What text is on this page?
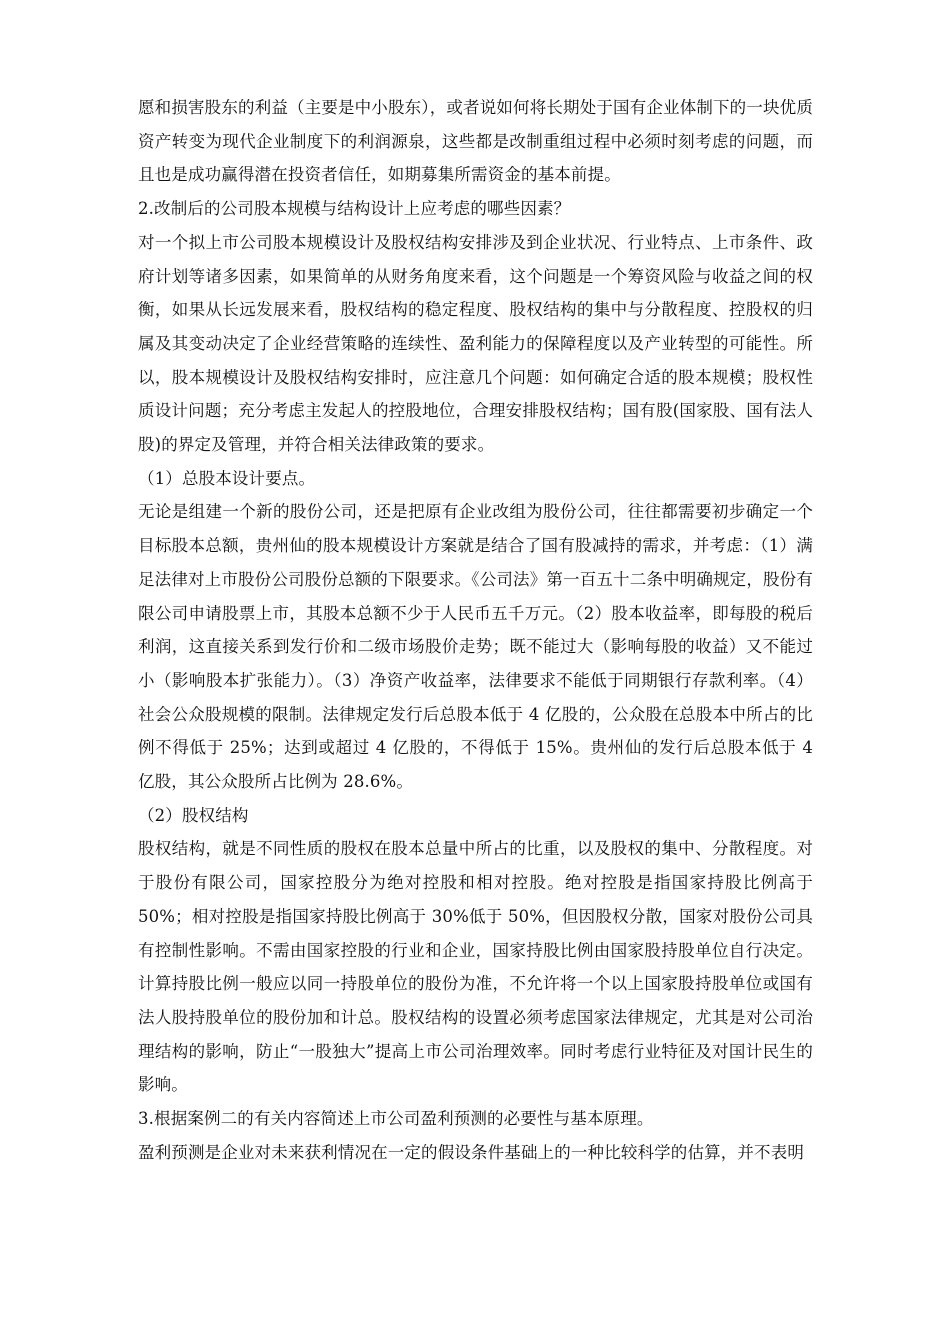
愿和损害股东的利益（主要是中小股东），或者说如何将长期处于国有企业体制下的一块优质资产转变为现代企业制度下的利润源泉，这些都是改制重组过程中必须时刻考虑的问题，而且也是成功赢得潜在投资者信任，如期募集所需资金的基本前提。

2.改制后的公司股本规模与结构设计上应考虑的哪些因素？

对一个拟上市公司股本规模设计及股权结构安排涉及到企业状况、行业特点、上市条件、政府计划等诸多因素，如果简单的从财务角度来看，这个问题是一个筹资风险与收益之间的权衡，如果从长远发展来看，股权结构的稳定程度、股权结构的集中与分散程度、控股权的归属及其变动决定了企业经营策略的连续性、盈利能力的保障程度以及产业转型的可能性。所以，股本规模设计及股权结构安排时，应注意几个问题：如何确定合适的股本规模；股权性质设计问题；充分考虑主发起人的控股地位，合理安排股权结构；国有股(国家股、国有法人股)的界定及管理，并符合相关法律政策的要求。

（1）总股本设计要点。

无论是组建一个新的股份公司，还是把原有企业改组为股份公司，往往都需要初步确定一个目标股本总额，贵州仙的股本规模设计方案就是结合了国有股减持的需求，并考虑：（1）满足法律对上市股份公司股份总额的下限要求。《公司法》第一百五十二条中明确规定，股份有限公司申请股票上市，其股本总额不少于人民币五千万元。（2）股本收益率，即每股的税后利润，这直接关系到发行价和二级市场股价走势；既不能过大（影响每股的收益）又不能过小（影响股本扩张能力）。（3）净资产收益率，法律要求不能低于同期银行存款利率。（4）社会公众股规模的限制。法律规定发行后总股本低于 4 亿股的，公众股在总股本中所占的比例不得低于 25%；达到或超过 4 亿股的，不得低于 15%。贵州仙的发行后总股本低于 4 亿股，其公众股所占比例为 28.6%。

（2）股权结构

股权结构，就是不同性质的股权在股本总量中所占的比重，以及股权的集中、分散程度。对于股份有限公司，国家控股分为绝对控股和相对控股。绝对控股是指国家持股比例高于 50%；相对控股是指国家持股比例高于 30%低于 50%，但因股权分散，国家对股份公司具有控制性影响。不需由国家控股的行业和企业，国家持股比例由国家股持股单位自行决定。计算持股比例一般应以同一持股单位的股份为准，不允许将一个以上国家股持股单位或国有法人股持股单位的股份加和计总。股权结构的设置必须考虑国家法律规定，尤其是对公司治理结构的影响，防止“一股独大”提高上市公司治理效率。同时考虑行业特征及对国计民生的影响。

3.根据案例二的有关内容简述上市公司盈利预测的必要性与基本原理。

盈利预测是企业对未来获利情况在一定的假设条件基础上的一种比较科学的估算，并不表明
